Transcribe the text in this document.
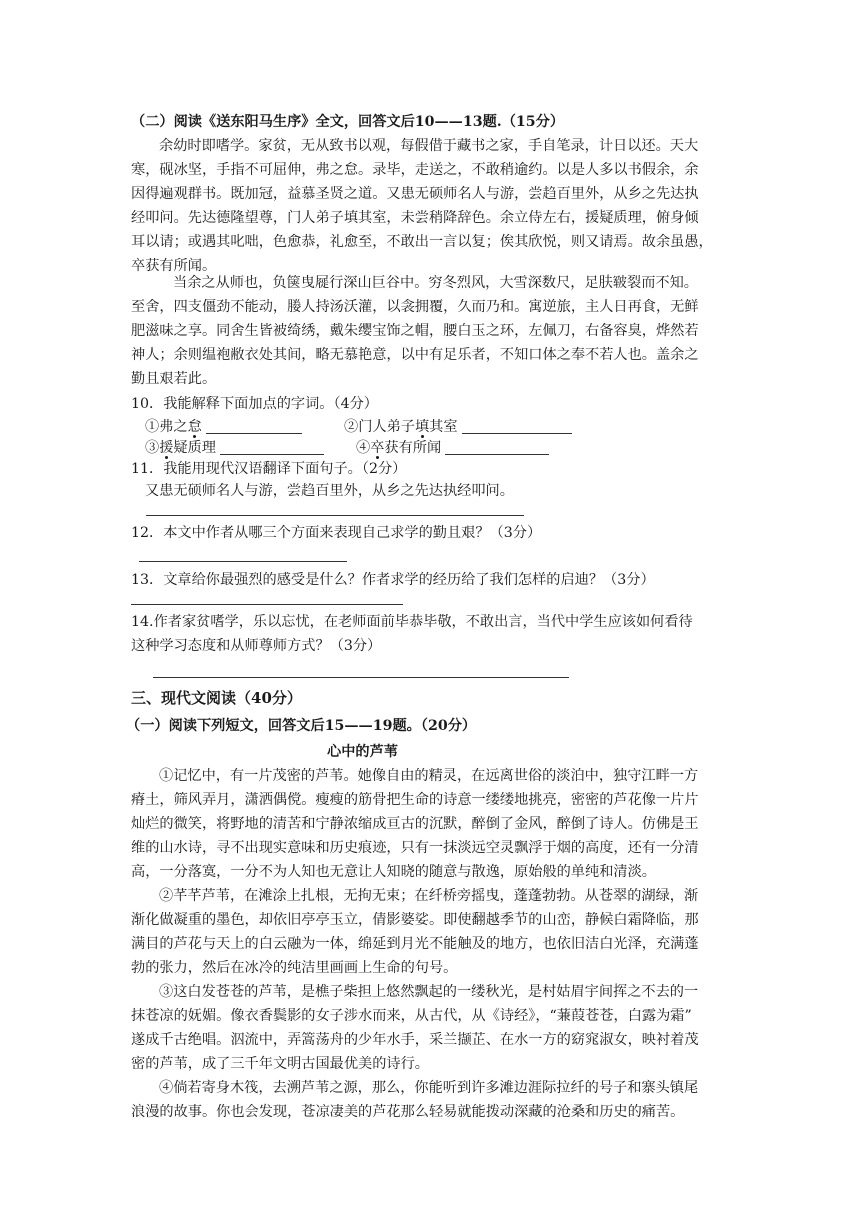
（二）阅读《送东阳马生序》全文，回答文后10——13题.（15分）
余幼时即嗜学。家贫，无从致书以观，每假借于藏书之家，手自笔录，计日以还。天大
寒，砚冰坚，手指不可屈伸，弗之怠。录毕，走送之，不敢稍逾约。以是人多以书假余，余
因得遍观群书。既加冠，益慕圣贤之道。又患无硕师名人与游，尝趋百里外，从乡之先达执
经叩问。先达德隆望尊，门人弟子填其室，未尝稍降辞色。余立侍左右，援疑质理，俯身倾
耳以请；或遇其叱咄，色愈恭，礼愈至，不敢出一言以复；俟其欣悦，则又请焉。故余虽愚，
卒获有所闻。
当余之从师也，负箧曳屣行深山巨谷中。穷冬烈风，大雪深数尺，足肤皲裂而不知。
至舍，四支僵劲不能动，媵人持汤沃灌，以衾拥覆，久而乃和。寓逆旅，主人日再食，无鲜
肥滋味之享。同舍生皆被绮绣，戴朱缨宝饰之帽，腰白玉之环，左佩刀，右备容臭，烨然若
神人；余则缊袍敝衣处其间，略无慕艳意，以中有足乐者，不知口体之奉不若人也。盖余之
勤且艰若此。
10．我能解释下面加点的字词。（4分）
①弗之怠	②门人弟子填其室
③援疑质理	④卒获有所闻
11．我能用现代汉语翻译下面句子。（2分）
又患无硕师名人与游，尝趋百里外，从乡之先达执经叩问。
12．本文中作者从哪三个方面来表现自己求学的勤且艰？（3分）
13．文章给你最强烈的感受是什么？作者求学的经历给了我们怎样的启迪？（3分）
14.作者家贫嗜学，乐以忘忧，在老师面前毕恭毕敬，不敢出言，当代中学生应该如何看待
这种学习态度和从师尊师方式？（3分）
三、现代文阅读（40分）
（一）阅读下列短文，回答文后15——19题。（20分）
心中的芦苇
①记忆中，有一片茂密的芦苇。她像自由的精灵，在远离世俗的淡泊中，独守江畔一方
瘠土，筛风弄月，潇洒偶傥。瘦瘦的筋骨把生命的诗意一缕缕地挑亮，密密的芦花像一片片
灿烂的微笑，将野地的清苦和宁静浓缩成亘古的沉默，醉倒了金风，醉倒了诗人。仿佛是王
维的山水诗，寻不出现实意味和历史痕迹，只有一抹淡远空灵飘浮于烟的高度，还有一分清
高，一分落寞，一分不为人知也无意让人知晓的随意与散逸，原始般的单纯和清淡。
②芊芊芦苇，在滩涂上扎根，无拘无束；在纤桥旁摇曳，蓬蓬勃勃。从苍翠的湖绿，渐
渐化做凝重的墨色，却依旧亭亭玉立，倩影婆娑。即使翻越季节的山峦，静候白霜降临，那
满目的芦花与天上的白云融为一体，绵延到月光不能触及的地方，也依旧洁白光泽，充满蓬
勃的张力，然后在冰冷的纯洁里画画上生命的句号。
③这白发苍苍的芦苇，是樵子柴担上悠然飘起的一缕秋光，是村姑眉宇间挥之不去的一
抹苍凉的妩媚。像衣香鬓影的女子涉水而来，从古代，从《诗经》，“蒹葭苍苍，白露为霜”
遂成千古绝唱。泅流中，弄篙荡舟的少年水手，采兰撷芷、在水一方的窈窕淑女，映衬着茂
密的芦苇，成了三千年文明古国最优美的诗行。
④倘若寄身木筏，去溯芦苇之源，那么，你能听到许多滩边涯际拉纤的号子和寨头镇尾
浪漫的故事。你也会发现，苍凉凄美的芦花那么轻易就能拨动深藏的沧桑和历史的痛苦。
